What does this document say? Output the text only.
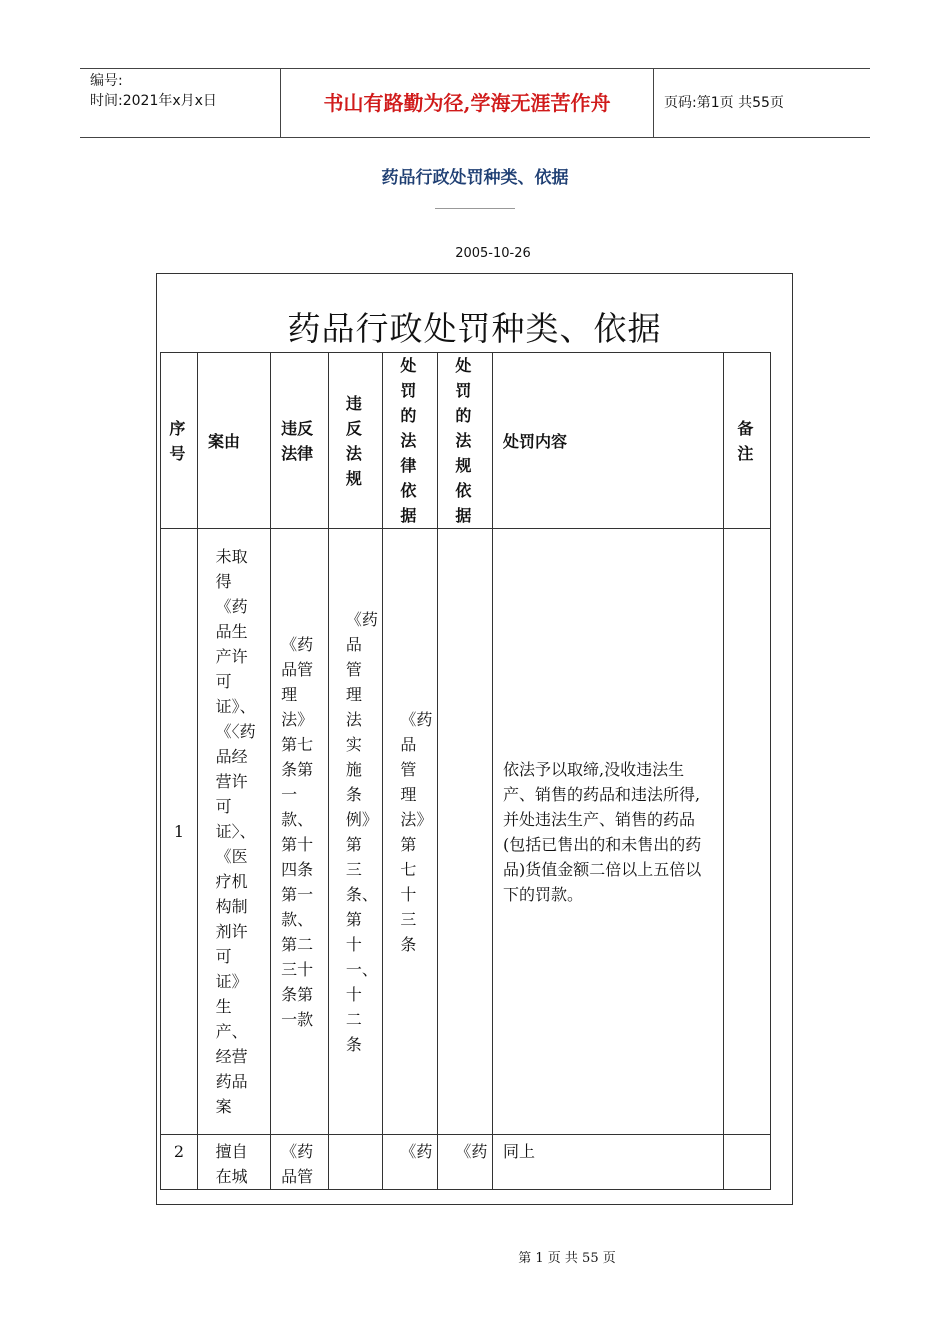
编号:
时间:2021年x月x日	书山有路勤为径,学海无涯苦作舟	页码:第1页 共55页
药品行政处罚种类、依据
2005-10-26
药品行政处罚种类、依据
序号	案由	违反法律	违反法规	处罚的法律依据	处罚的法规依据	处罚内容	备注

1	未取得《药品生产许可证》、《〈药品经营许可证〉、《医疗机构制剂许可证》生产、经营药品案	《药品管理法》第七条第一款、第十四条第一款、第二三十条第一款	《药品管理法实施条例》第三条、第十一、十二条	《药品管理法》第七十三条		依法予以取缔,没收违法生产、销售的药品和违法所得,并处违法生产、销售的药品(包括已售出的和未售出的药品)货值金额二倍以上五倍以下的罚款。	

2	擅自在城	《药品管		《药	《药	同上	

第 1 页 共 55 页
